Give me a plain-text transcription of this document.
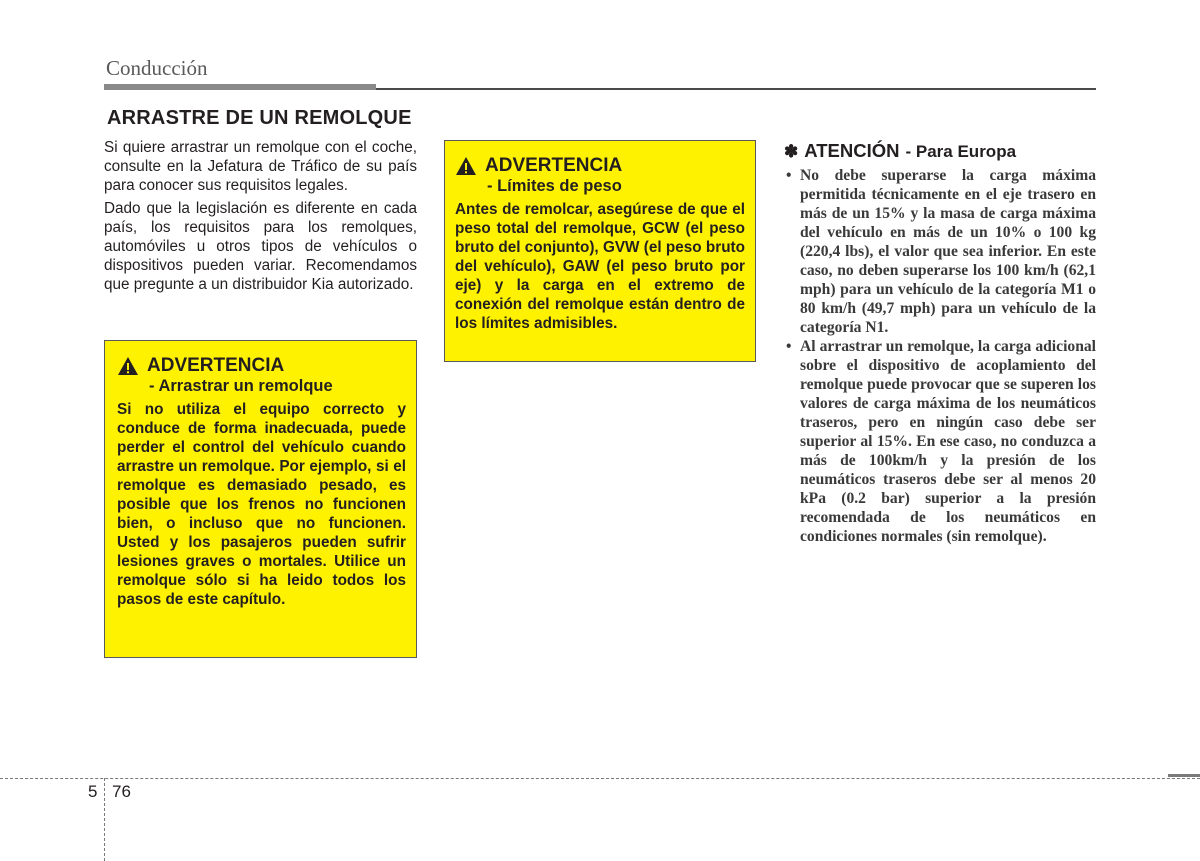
Conducción
ARRASTRE DE UN REMOLQUE

Si quiere arrastrar un remolque con el coche, consulte en la Jefatura de Tráfico de su país para conocer sus requisitos legales.

Dado que la legislación es diferente en cada país, los requisitos para los remolques, automóviles u otros tipos de vehículos o dispositivos pueden variar. Recomendamos que pregunte a un distribuidor Kia autorizado.

ADVERTENCIA
- Arrastrar un remolque
Si no utiliza el equipo correcto y conduce de forma inadecuada, puede perder el control del vehículo cuando arrastre un remolque. Por ejemplo, si el remolque es demasiado pesado, es posible que los frenos no funcionen bien, o incluso que no funcionen. Usted y los pasajeros pueden sufrir lesiones graves o mortales. Utilice un remolque sólo si ha leido todos los pasos de este capítulo.
ADVERTENCIA
- Límites de peso
Antes de remolcar, asegúrese de que el peso total del remolque, GCW (el peso bruto del conjunto), GVW (el peso bruto del vehículo), GAW (el peso bruto por eje) y la carga en el extremo de conexión del remolque están dentro de los límites admisibles.
✽ ATENCIÓN - Para Europa
• No debe superarse la carga máxima permitida técnicamente en el eje trasero en más de un 15% y la masa de carga máxima del vehículo en más de un 10% o 100 kg (220,4 lbs), el valor que sea inferior. En este caso, no deben superarse los 100 km/h (62,1 mph) para un vehículo de la categoría M1 o 80 km/h (49,7 mph) para un vehículo de la categoría N1.
• Al arrastrar un remolque, la carga adicional sobre el dispositivo de acoplamiento del remolque puede provocar que se superen los valores de carga máxima de los neumáticos traseros, pero en ningún caso debe ser superior al 15%. En ese caso, no conduzca a más de 100km/h y la presión de los neumáticos traseros debe ser al menos 20 kPa (0.2 bar) superior a la presión recomendada de los neumáticos en condiciones normales (sin remolque).
5 76
